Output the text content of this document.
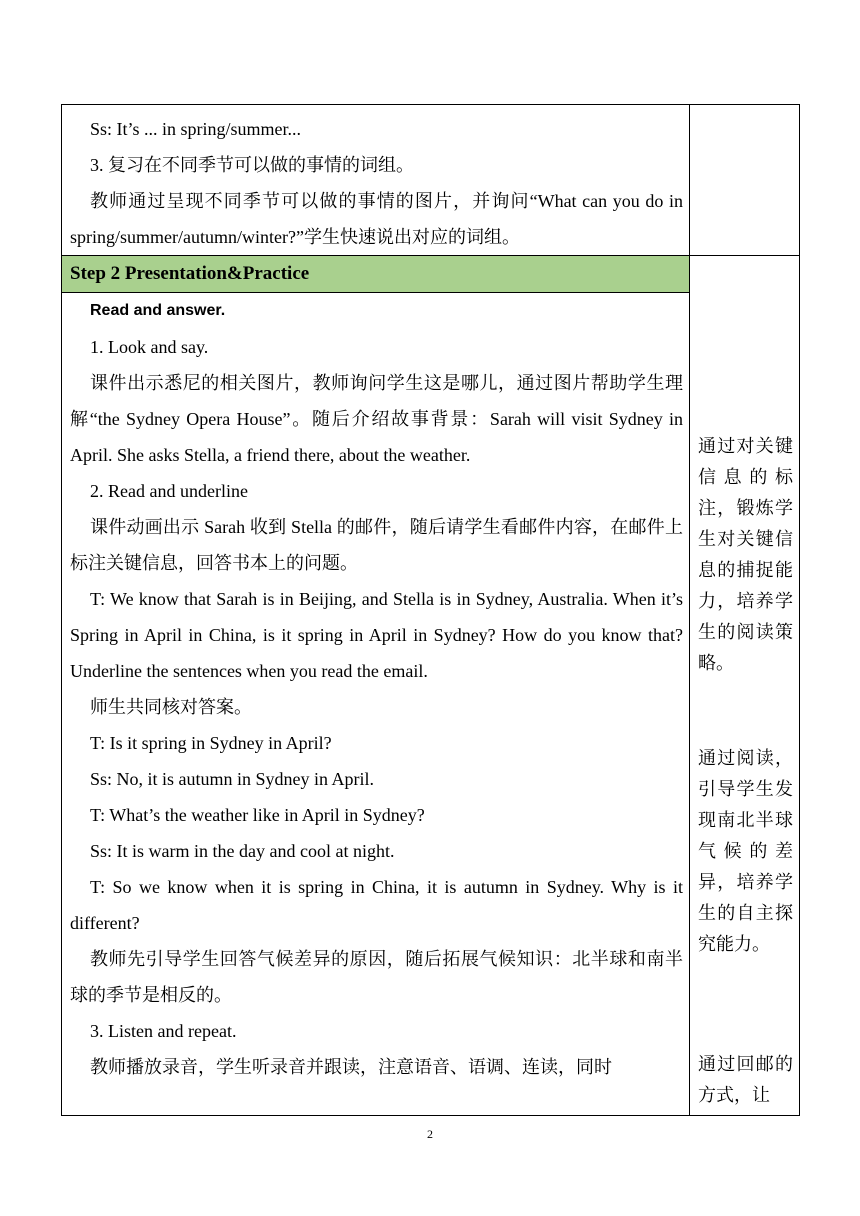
Ss: It’s ... in spring/summer...

3. 复习在不同季节可以做的事情的词组。

教师通过呈现不同季节可以做的事情的图片，并询问“What can you do in spring/summer/autumn/winter?”学生快速说出对应的词组。

Step 2 Presentation&Practice

Read and answer.

1. Look and say.

课件出示悉尼的相关图片，教师询问学生这是哪儿，通过图片帮助学生理解“the Sydney Opera House”。随后介绍故事背景：Sarah will visit Sydney in April. She asks Stella, a friend there, about the weather.

2. Read and underline

课件动画出示 Sarah 收到 Stella 的邮件，随后请学生看邮件内容，在邮件上标注关键信息，回答书本上的问题。

T: We know that Sarah is in Beijing, and Stella is in Sydney, Australia. When it’s Spring in April in China, is it spring in April in Sydney? How do you know that? Underline the sentences when you read the email.

师生共同核对答案。

T: Is it spring in Sydney in April?

Ss: No, it is autumn in Sydney in April.

T: What’s the weather like in April in Sydney?

Ss: It is warm in the day and cool at night.

T: So we know when it is spring in China, it is autumn in Sydney. Why is it different?

教师先引导学生回答气候差异的原因，随后拓展气候知识：北半球和南半球的季节是相反的。

3. Listen and repeat.

教师播放录音，学生听录音并跟读，注意语音、语调、连读，同时

通过对关键信息的标注，锻炼学生对关键信息的捕捉能力，培养学生的阅读策略。

通过阅读，引导学生发现南北半球气候的差异，培养学生的自主探究能力。

通过回邮的方式，让

2
